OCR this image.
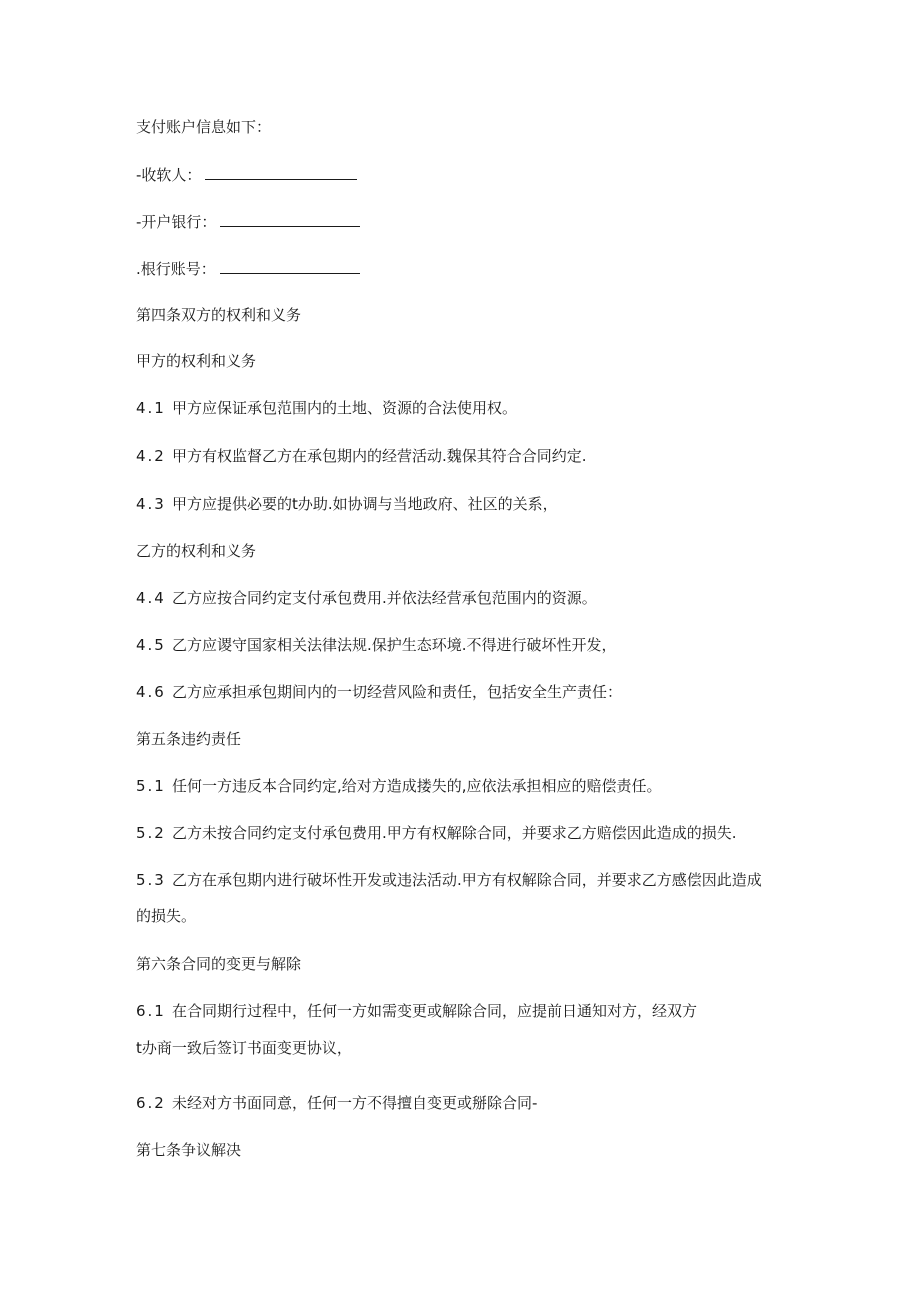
支付账户信息如下：

-收软人：

-开户银行：

.根行账号：

第四条双方的权利和义务

甲方的权利和义务

4.1 甲方应保证承包范围内的土地、资源的合法使用权。

4.2 甲方有权监督乙方在承包期内的经营活动.魏保其符合合同约定.

4.3 甲方应提供必要的t办助.如协调与当地政府、社区的关系，

乙方的权利和义务

4.4 乙方应按合同约定支付承包费用.并依法经营承包范围内的资源。

4.5 乙方应谡守国家相关法律法规.保护生态环境.不得进行破坏性开发，

4.6 乙方应承担承包期间内的一切经营风险和责任，包括安全生产责任：

第五条违约责任

5.1 任何一方违反本合同约定,给对方造成搂失的,应依法承担相应的赔偿责任。

5.2 乙方未按合同约定支付承包费用.甲方有权解除合同，并要求乙方赔偿因此造成的损失.

5.3 乙方在承包期内进行破坏性开发或违法活动.甲方有权解除合同，并要求乙方感偿因此造成

的损失。

第六条合同的变更与解除

6.1 在合同期行过程中，任何一方如需变更或解除合同，应提前日通知对方，经双方

t办商一致后签订书面变更协议，

6.2 未经对方书面同意，任何一方不得擅自变更或掰除合同-

第七条争议解决
